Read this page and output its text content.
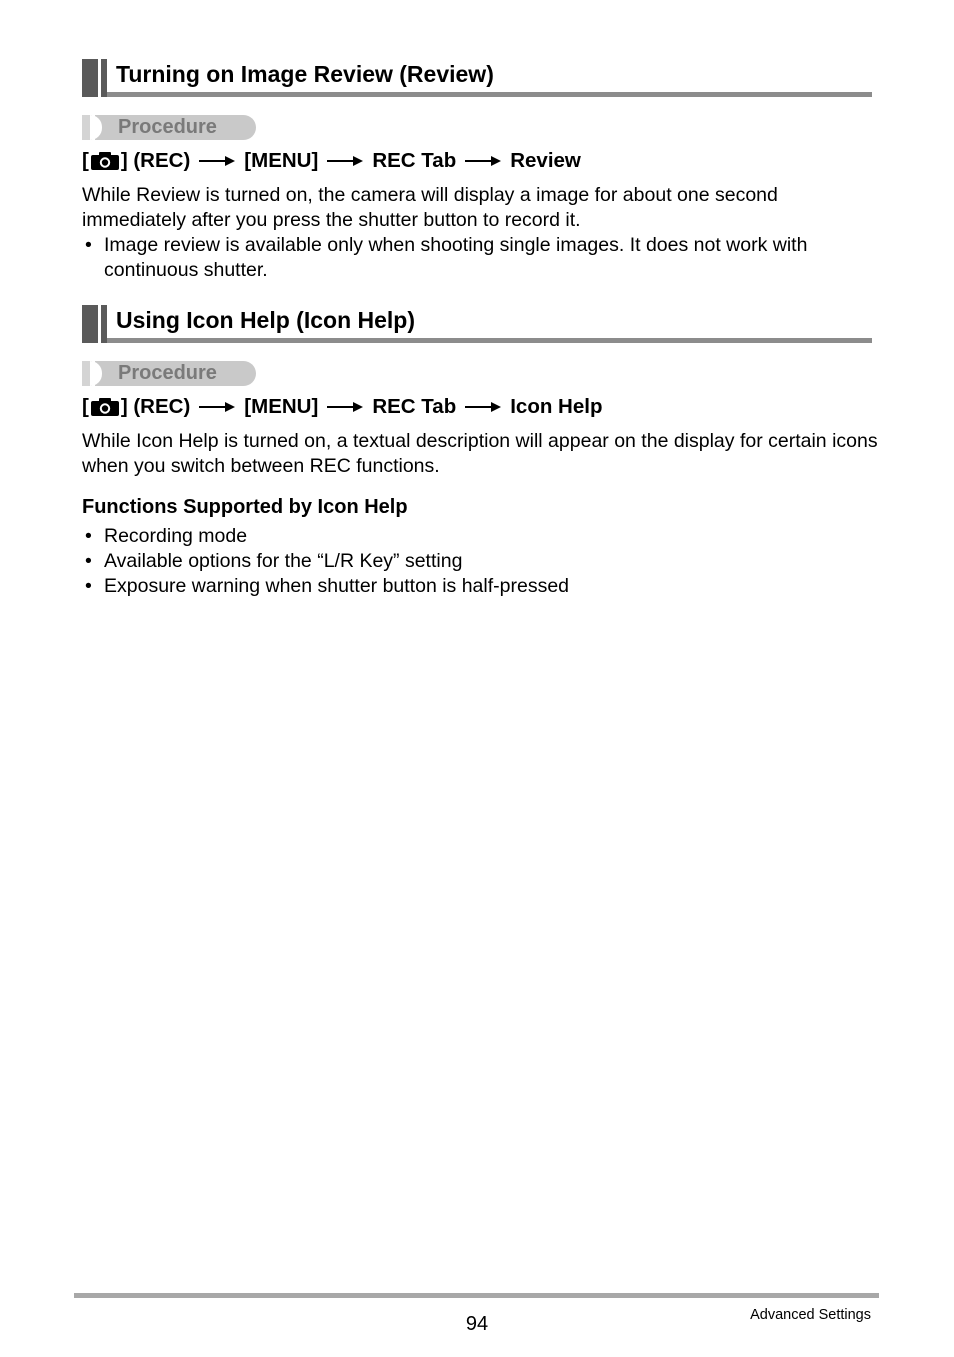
Turning on Image Review (Review)
Procedure
[ ] (REC)	[MENU]	REC Tab	Review
While Review is turned on, the camera will display a image for about one second immediately after you press the shutter button to record it.
• Image review is available only when shooting single images. It does not work with continuous shutter.
Using Icon Help (Icon Help)
Procedure
[ ] (REC)	[MENU]	REC Tab	Icon Help
While Icon Help is turned on, a textual description will appear on the display for certain icons when you switch between REC functions.
Functions Supported by Icon Help
• Recording mode
• Available options for the “L/R Key” setting
• Exposure warning when shutter button is half-pressed
94	Advanced Settings
